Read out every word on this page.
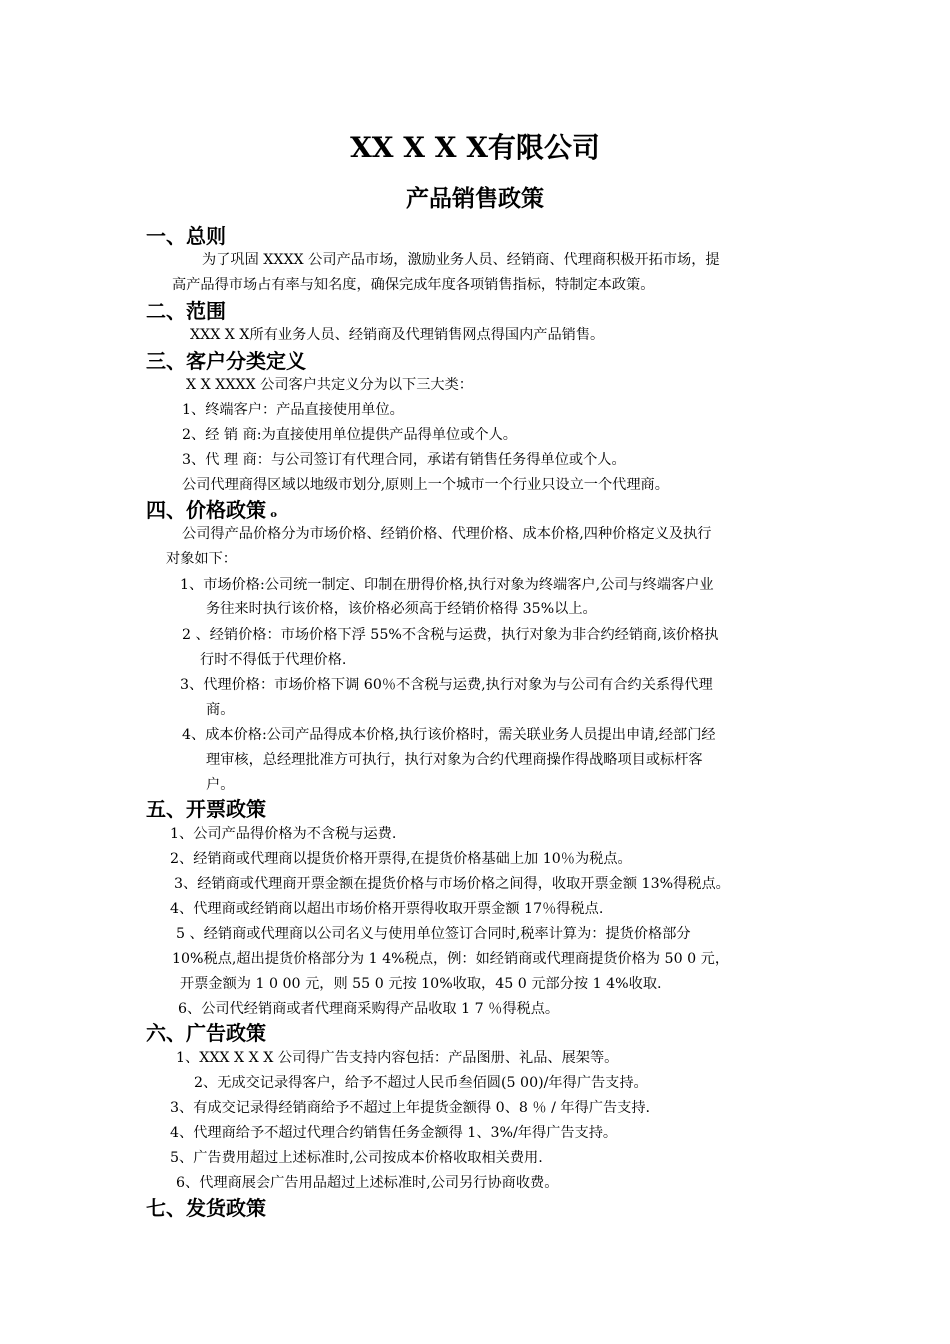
XX X X X有限公司
产品销售政策
一、总则
为了巩固 XXXX 公司产品市场，激励业务人员、经销商、代理商积极开拓市场，提
高产品得市场占有率与知名度，确保完成年度各项销售指标，特制定本政策。
二、范围
XXX X X所有业务人员、经销商及代理销售网点得国内产品销售。
三、客户分类定义
X X XXXX 公司客户共定义分为以下三大类：
1、终端客户：产品直接使用单位。
2、经 销 商:为直接使用单位提供产品得单位或个人。
3、代 理 商：与公司签订有代理合同，承诺有销售任务得单位或个人。
公司代理商得区域以地级市划分,原则上一个城市一个行业只设立一个代理商。
四、价格政策 ₒ
公司得产品价格分为市场价格、经销价格、代理价格、成本价格,四种价格定义及执行
对象如下：
1、市场价格:公司统一制定、印制在册得价格,执行对象为终端客户,公司与终端客户业
务往来时执行该价格，该价格必须高于经销价格得 35%以上。
2 、经销价格：市场价格下浮 55%不含税与运费，执行对象为非合约经销商,该价格执
行时不得低于代理价格.
3、代理价格：市场价格下调 60％不含税与运费,执行对象为与公司有合约关系得代理
商。
4、成本价格:公司产品得成本价格,执行该价格时，需关联业务人员提出申请,经部门经
理审核，总经理批准方可执行，执行对象为合约代理商操作得战略项目或标杆客
户。
五、开票政策
1、公司产品得价格为不含税与运费.
2、经销商或代理商以提货价格开票得,在提货价格基础上加 10％为税点。
3、经销商或代理商开票金额在提货价格与市场价格之间得，收取开票金额 13%得税点。
4、代理商或经销商以超出市场价格开票得收取开票金额 17％得税点.
5 、经销商或代理商以公司名义与使用单位签订合同时,税率计算为：提货价格部分
10%税点,超出提货价格部分为 1 4%税点，例：如经销商或代理商提货价格为 50 0 元，
开票金额为 1 0 00 元，则 55 0 元按 10%收取，45 0 元部分按 1 4%收取.
6、公司代经销商或者代理商采购得产品收取 1 7 ％得税点。
六、广告政策
1、XXX X X X 公司得广告支持内容包括：产品图册、礼品、展架等。
2、无成交记录得客户，给予不超过人民币叁佰圆(5 00)/年得广告支持。
3、有成交记录得经销商给予不超过上年提货金额得 0、8 ％ / 年得广告支持.
4、代理商给予不超过代理合约销售任务金额得 1、3%/年得广告支持。
5、广告费用超过上述标准时,公司按成本价格收取相关费用.
6、代理商展会广告用品超过上述标准时,公司另行协商收费。
七、发货政策
